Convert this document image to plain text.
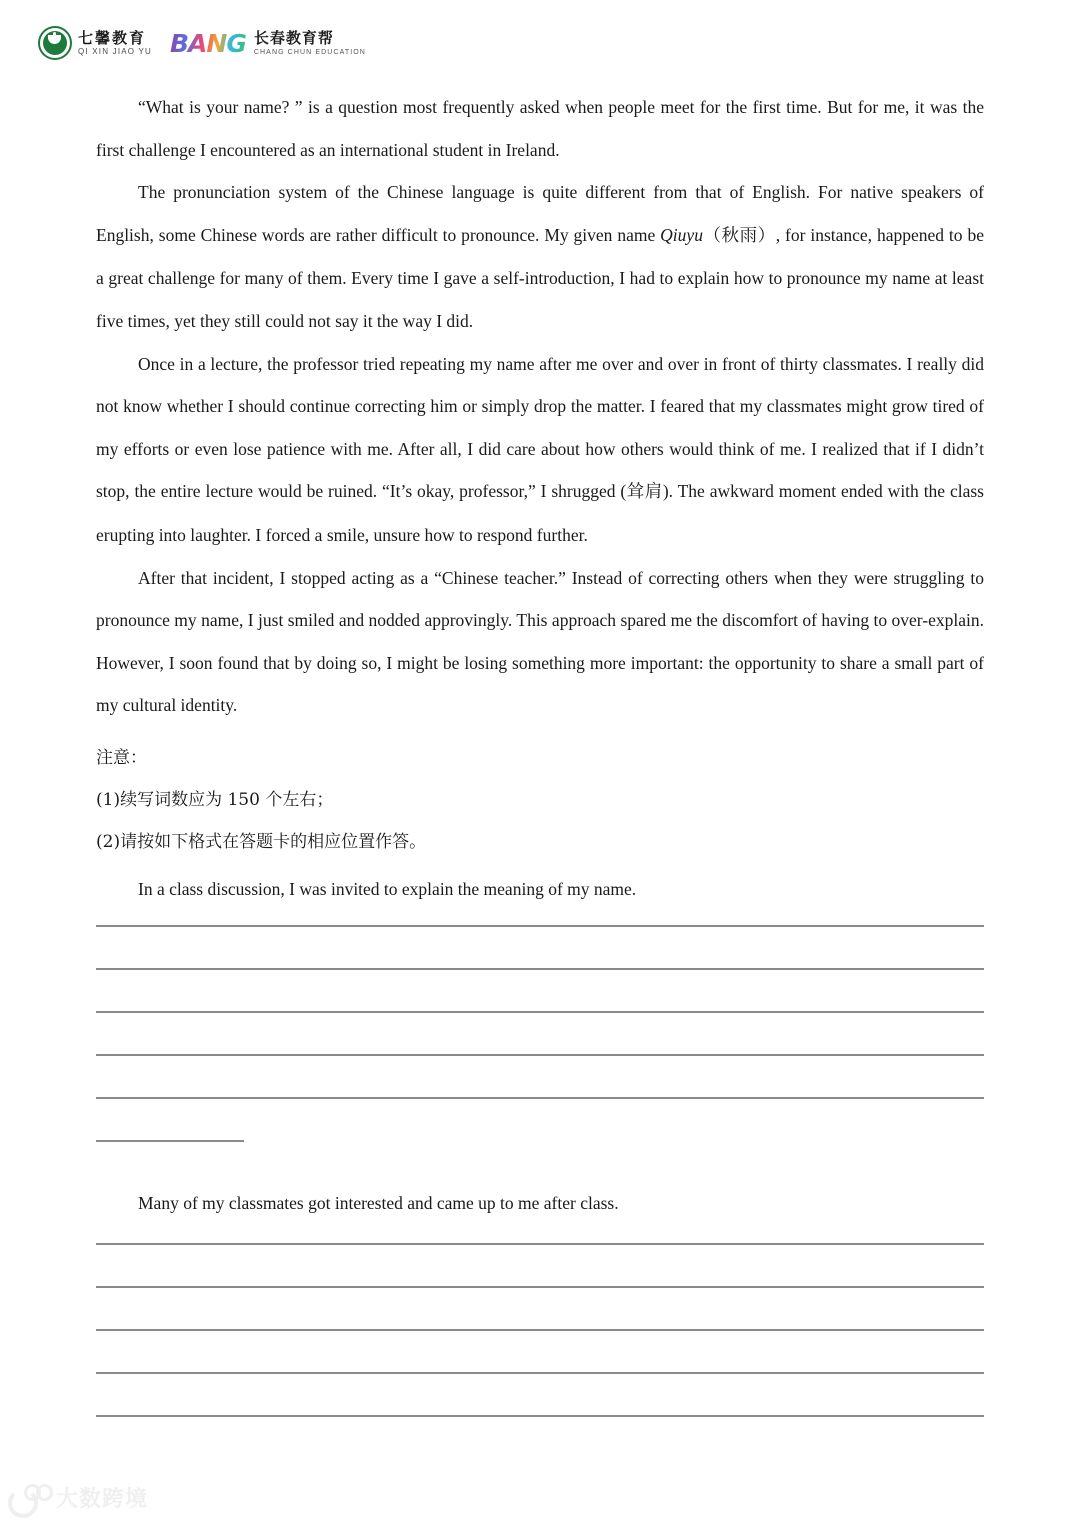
七馨教育
QI XIN JIAO YU BANG 长春教育帮
CHANG CHUN EDUCATION

“What is your name? ” is a question most frequently asked when people meet for the first time. But for me, it was the first challenge I encountered as an international student in Ireland.

The pronunciation system of the Chinese language is quite different from that of English. For native speakers of English, some Chinese words are rather difficult to pronounce. My given name Qiuyu（秋雨）, for instance, happened to be a great challenge for many of them. Every time I gave a self-introduction, I had to explain how to pronounce my name at least five times, yet they still could not say it the way I did.

Once in a lecture, the professor tried repeating my name after me over and over in front of thirty classmates. I really did not know whether I should continue correcting him or simply drop the matter. I feared that my classmates might grow tired of my efforts or even lose patience with me. After all, I did care about how others would think of me. I realized that if I didn’t stop, the entire lecture would be ruined. “It’s okay, professor,” I shrugged (耸肩). The awkward moment ended with the class erupting into laughter. I forced a smile, unsure how to respond further.

After that incident, I stopped acting as a “Chinese teacher.” Instead of correcting others when they were struggling to pronounce my name, I just smiled and nodded approvingly. This approach spared me the discomfort of having to over-explain. However, I soon found that by doing so, I might be losing something more important: the opportunity to share a small part of my cultural identity.

注意：
(1)续写词数应为 150 个左右；
(2)请按如下格式在答题卡的相应位置作答。

In a class discussion, I was invited to explain the meaning of my name.

Many of my classmates got interested and came up to me after class.

大数跨境
